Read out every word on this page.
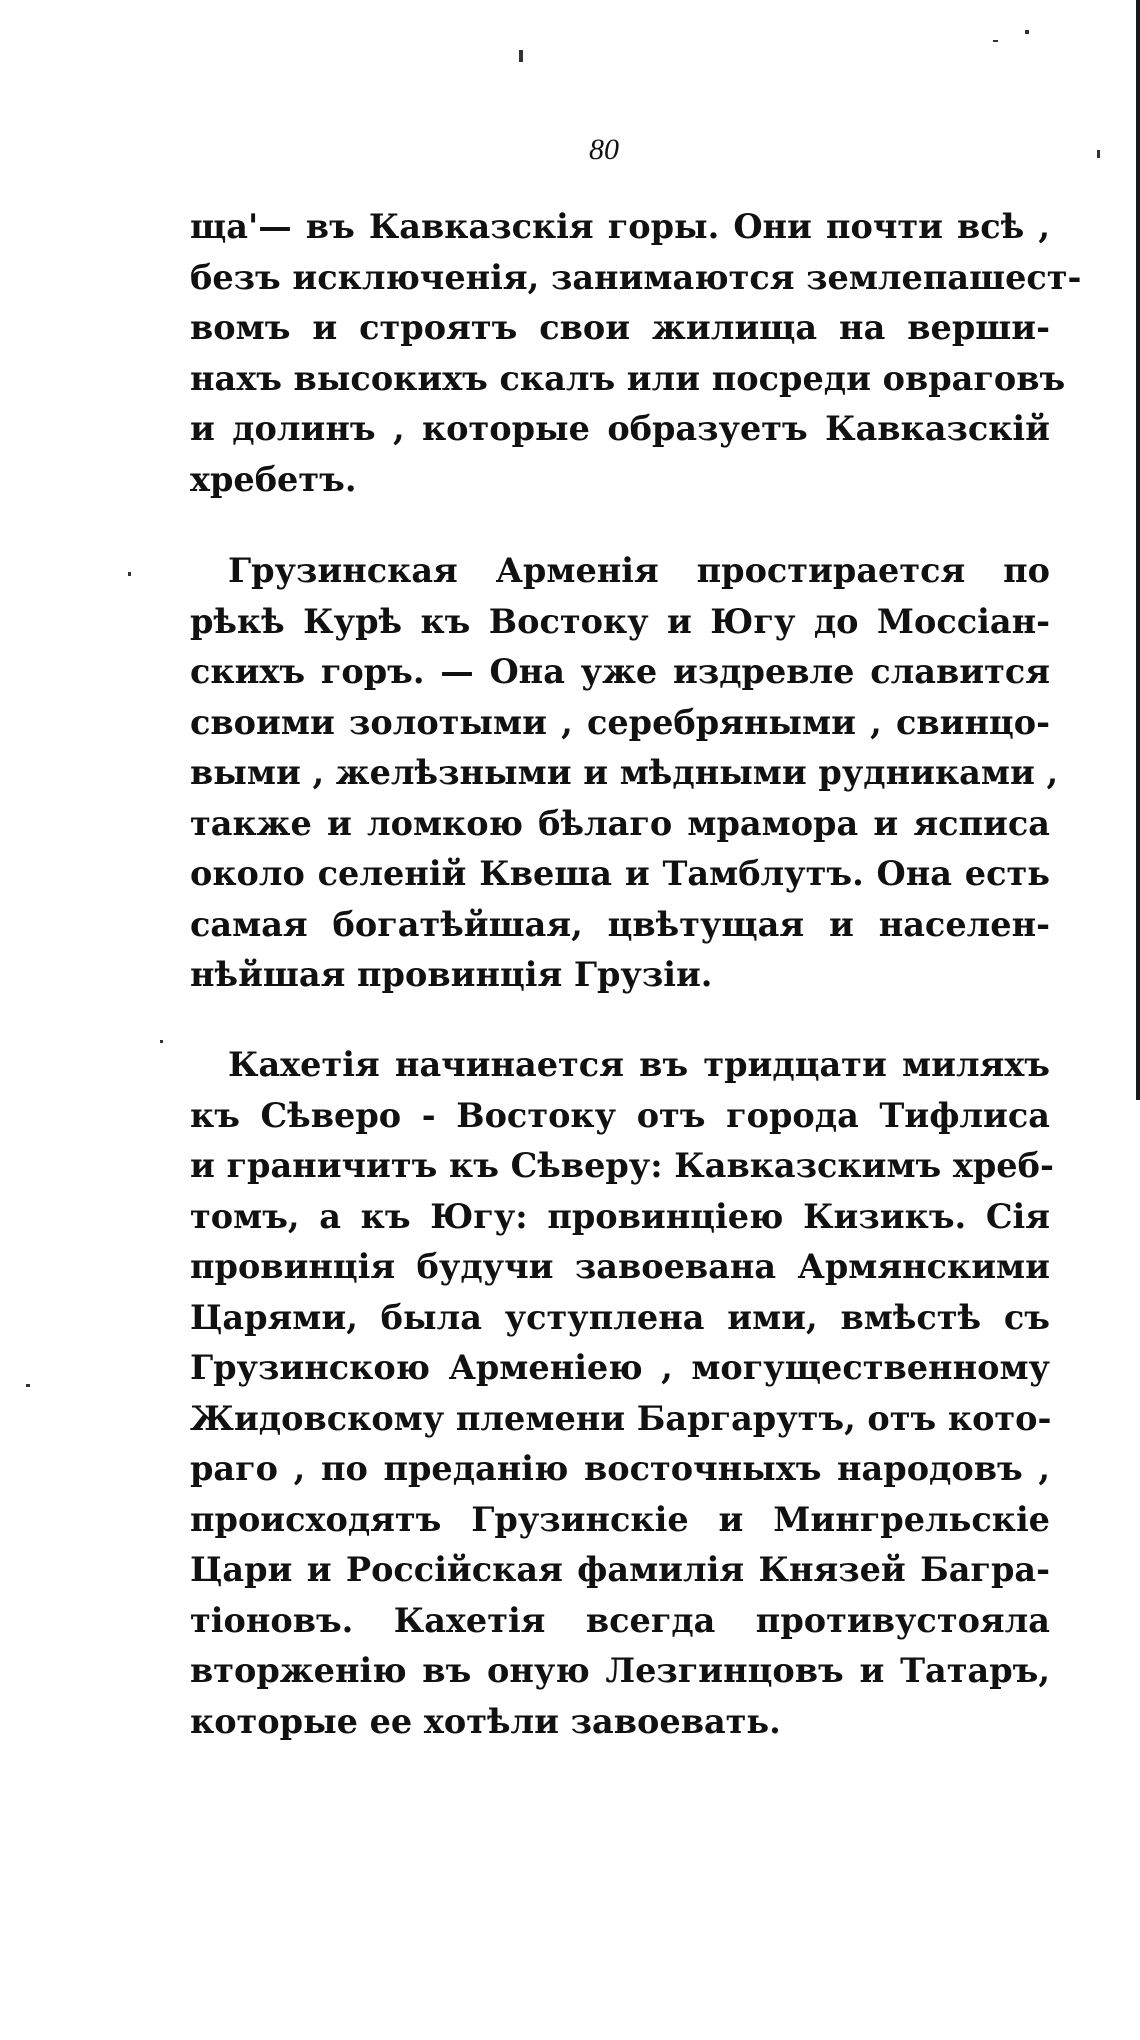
80
ща'— въ Кавказскія горы. Они почти всѣ ,
безъ исключенія, занимаются землепашест-
вомъ и строятъ свои жилища на верши-
нахъ высокихъ скалъ или посреди овраговъ
и долинъ , которые образуетъ Кавказскій
хребетъ.
Грузинская Арменія простирается по
рѣкѣ Курѣ къ Востоку и Югу до Моссіан-
скихъ горъ. — Она уже издревле славится
своими золотыми , серебряными , свинцо-
выми , желѣзными и мѣдными рудниками ,
также и ломкою бѣлаго мрамора и ясписа
около селеній Квеша и Тамблутъ. Она есть
самая богатѣйшая, цвѣтущая и населен-
нѣйшая провинція Грузіи.
Кахетія начинается въ тридцати миляхъ
къ Сѣверо - Востоку отъ города Тифлиса
и граничитъ къ Сѣверу: Кавказскимъ хреб-
томъ, а къ Югу: провинціею Кизикъ. Сія
провинція будучи завоевана Армянскими
Царями, была уступлена ими, вмѣстѣ съ
Грузинскою Арменіею , могущественному
Жидовскому племени Баргарутъ, отъ кото-
раго , по преданію восточныхъ народовъ ,
происходятъ Грузинскіе и Мингрельскіе
Цари и Россійская фамилія Князей Багра-
тіоновъ. Кахетія всегда противустояла
вторженію въ оную Лезгинцовъ и Татаръ,
которые ее хотѣли завоевать.
